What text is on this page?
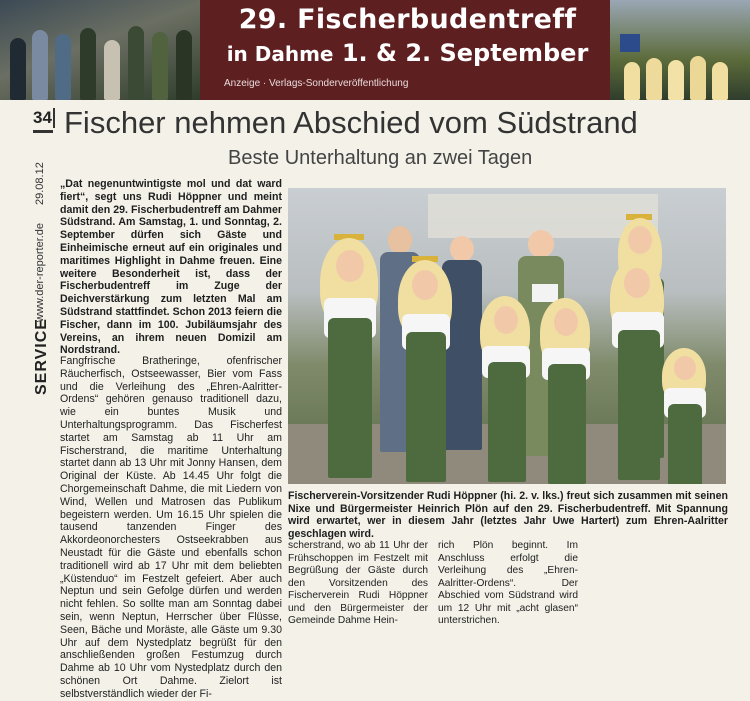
29. Fischerbudentreff
in Dahme 1. & 2. September
Anzeige · Verlags-Sonderveröffentlichung
34 Fischer nehmen Abschied vom Südstrand
Beste Unterhaltung an zwei Tagen
29.08.12
www.der-reporter.de
SERVICE
„Dat negenuntwintigste mol und dat ward fiert“, segt uns Rudi Höppner und meint damit den 29. Fischerbudentreff am Dahmer Südstrand. Am Samstag, 1. und Sonntag, 2. September dürfen sich Gäste und Einheimische erneut auf ein originales und maritimes Highlight in Dahme freuen. Eine weitere Besonderheit ist, dass der Fischerbudentreff im Zuge der Deichverstärkung zum letzten Mal am Südstrand stattfindet. Schon 2013 feiern die Fischer, dann im 100. Jubiläumsjahr des Vereins, an ihrem neuen Domizil am Nordstrand.
Fangfrische Bratheringe, ofenfrischer Räucherfisch, Ostseewasser, Bier vom Fass und die Verleihung des „Ehren-Aalritter-Ordens“ gehören genauso traditionell dazu, wie ein buntes Musik und Unterhaltungsprogramm. Das Fischerfest startet am Samstag ab 11 Uhr am Fischerstrand, die maritime Unterhaltung startet dann ab 13 Uhr mit Jonny Hansen, dem Original der Küste. Ab 14.45 Uhr folgt die Chorgemeinschaft Dahme, die mit Liedern von Wind, Wellen und Matrosen das Publikum begeistern werden. Um 16.15 Uhr spielen die tausend tanzenden Finger des Akkordeonorchesters Ostseekrabben aus Neustadt für die Gäste und ebenfalls schon traditionell wird ab 17 Uhr mit dem beliebten „Küstenduo“ im Festzelt gefeiert. Aber auch Neptun und sein Gefolge dürfen und werden nicht fehlen. So sollte man am Sonntag dabei sein, wenn Neptun, Herrscher über Flüsse, Seen, Bäche und Moräste, alle Gäste um 9.30 Uhr auf dem Nystedplatz begrüßt für den anschließenden großen Festumzug durch Dahme ab 10 Uhr vom Nystedplatz durch den schönen Ort Dahme. Zielort ist selbstverständlich wieder der Fi-
Fischerverein-Vorsitzender Rudi Höppner (hi. 2. v. lks.) freut sich zusammen mit seinen Nixe und Bürgermeister Heinrich Plön auf den 29. Fischerbudentreff. Mit Spannung wird erwartet, wer in diesem Jahr (letztes Jahr Uwe Hartert) zum Ehren-Aalritter geschlagen wird.
scherstrand, wo ab 11 Uhr der Frühschoppen im Festzelt mit Begrüßung der Gäste durch den Vorsitzenden des Fischerverein Rudi Höppner und den Bürgermeister der Gemeinde Dahme Hein-
rich Plön beginnt. Im Anschluss erfolgt die Verleihung des „Ehren-Aalritter-Ordens“. Der Abschied vom Südstrand wird um 12 Uhr mit „acht glasen“ unterstrichen.
